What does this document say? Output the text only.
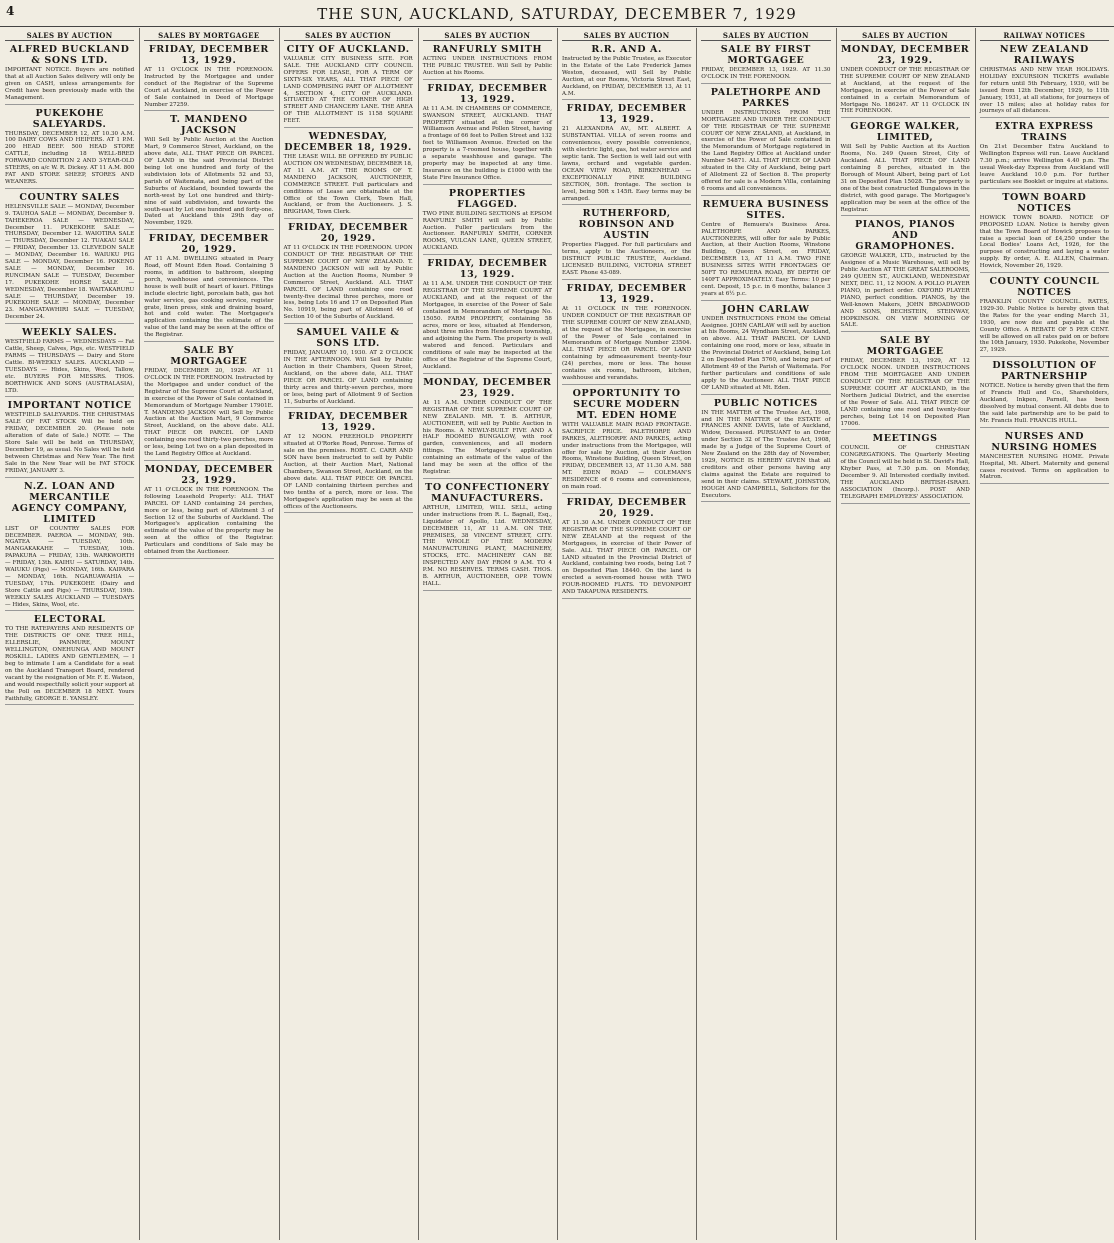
4	THE SUN, AUCKLAND, SATURDAY, DECEMBER 7, 1929
SALES BY AUCTION
ALFRED BUCKLAND & SONS LTD.
IMPORTANT NOTICE. Buyers are notified that at all Auction Sales delivery will only be given on CASH, unless arrangements for Credit have been previously made with the Management.
PUKEKOHE SALEYARDS.
THURSDAY, DECEMBER 12, AT 10.30 A.M. 100 DAIRY COWS AND HEIFERS. AT 1 P.M. 200 HEAD BEEF. 500 HEAD STORE CATTLE, including 18 WELL-BRED FORWARD CONDITION 2 AND 3-YEAR-OLD STEERS, on a/c W. R. Dickey. AT 11 A.M. 800 FAT AND STORE SHEEP, STORES AND WEANERS.
COUNTRY SALES
HELENSVILLE SALE — MONDAY, December 9. TAUHOA SALE — MONDAY, December 9. TAHEKEROA SALE — WEDNESDAY, December 11. PUKEKOHE SALE — THURSDAY, December 12. WAIOTIRA SALE — THURSDAY, December 12. TUAKAU SALE — FRIDAY, December 13. CLEVEDON SALE — MONDAY, December 16. WAIUKU PIG SALE — MONDAY, December 16. POKENO SALE — MONDAY, December 16. RUNCIMAN SALE — TUESDAY, December 17. PUKEKOHE HORSE SALE — WEDNESDAY, December 18. WAITAKARURU SALE — THURSDAY, December 19. PUKEKOHE SALE — MONDAY, December 23. MANGATAWHIRI SALE — TUESDAY, December 24.
WEEKLY SALES.
WESTFIELD FARMS — WEDNESDAYS — Fat Cattle, Sheep, Calves, Pigs, etc. WESTFIELD FARMS — THURSDAYS — Dairy and Store Cattle. BI-WEEKLY SALES. AUCKLAND — TUESDAYS — Hides, Skins, Wool, Tallow, etc. BUYERS FOR MESSRS. THOS. BORTHWICK AND SONS (AUSTRALASIA), LTD.
IMPORTANT NOTICE
WESTFIELD SALEYARDS. THE CHRISTMAS SALE OF FAT STOCK Will be held on FRIDAY, DECEMBER 20. (Please note alteration of date of Sale.) NOTE — The Store Sale will be held on THURSDAY, December 19, as usual. No Sales will be held between Christmas and New Year. The first Sale in the New Year will be FAT STOCK FRIDAY, JANUARY 3.
N.Z. LOAN AND MERCANTILE AGENCY COMPANY, LIMITED
LIST OF COUNTRY SALES FOR DECEMBER. PAEROA — MONDAY, 9th. NGATEA — TUESDAY, 10th. MANGAKAKAHE — TUESDAY, 10th. PAPAKURA — FRIDAY, 13th. WARKWORTH — FRIDAY, 13th. KAIHU — SATURDAY, 14th. WAIUKU (Pigs) — MONDAY, 16th. KAIPARA — MONDAY, 16th. NGARUAWAHIA — TUESDAY, 17th. PUKEKOHE (Dairy and Store Cattle and Pigs) — THURSDAY, 19th. WEEKLY SALES AUCKLAND — TUESDAYS — Hides, Skins, Wool, etc.
ELECTORAL
TO THE RATEPAYERS AND RESIDENTS OF THE DISTRICTS OF ONE TREE HILL, ELLERSLIE, PANMURE, MOUNT WELLINGTON, ONEHUNGA AND MOUNT ROSKILL. LADIES AND GENTLEMEN, — I beg to intimate I am a Candidate for a seat on the Auckland Transport Board, rendered vacant by the resignation of Mr. F. E. Watson, and would respectfully solicit your support at the Poll on DECEMBER 18 NEXT. Yours Faithfully, GEORGE E. YANSLEY.
SALES BY MORTGAGEE
FRIDAY, DECEMBER 13, 1929.
AT 11 O'CLOCK IN THE FORENOON. Instructed by the Mortgagee and under conduct of the Registrar of the Supreme Court at Auckland, in exercise of the Power of Sale contained in Deed of Mortgage Number 27259.
T. MANDENO JACKSON
Will Sell by Public Auction at the Auction Mart, 9 Commerce Street, Auckland, on the above date, ALL THAT PIECE OR PARCEL OF LAND in the said Provincial District being lot one hundred and forty of the subdivision lots of Allotments 52 and 53, parish of Waitemata, and being part of the Suburbs of Auckland, bounded towards the north-west by Lot one hundred and thirty-nine of said subdivision, and towards the south-east by Lot one hundred and forty-one. Dated at Auckland this 29th day of November, 1929.
FRIDAY, DECEMBER 20, 1929.
AT 11 A.M. DWELLING situated in Peary Road, off Mount Eden Road. Containing 5 rooms, in addition to bathroom, sleeping porch, washhouse and conveniences. The house is well built of heart of kauri. Fittings include electric light, porcelain bath, gas hot water service, gas cooking service, register grate, linen press, sink and draining board, hot and cold water. The Mortgagee's application containing the estimate of the value of the land may be seen at the office of the Registrar.
SALE BY MORTGAGEE
FRIDAY, DECEMBER 20, 1929. AT 11 O'CLOCK IN THE FORENOON. Instructed by the Mortgagee and under conduct of the Registrar of the Supreme Court at Auckland, in exercise of the Power of Sale contained in Memorandum of Mortgage Number 17901E. T. MANDENO JACKSON will Sell by Public Auction at the Auction Mart, 9 Commerce Street, Auckland, on the above date. ALL THAT PIECE OR PARCEL OF LAND containing one rood thirty-two perches, more or less, being Lot two on a plan deposited in the Land Registry Office at Auckland.
MONDAY, DECEMBER 23, 1929.
AT 11 O'CLOCK IN THE FORENOON. The following Leasehold Property: ALL THAT PARCEL OF LAND containing 24 perches, more or less, being part of Allotment 3 of Section 12 of the Suburbs of Auckland. The Mortgagee's application containing the estimate of the value of the property may be seen at the office of the Registrar. Particulars and conditions of Sale may be obtained from the Auctioneer.
SALES BY AUCTION
CITY OF AUCKLAND.
VALUABLE CITY BUSINESS SITE. FOR SALE. THE AUCKLAND CITY COUNCIL OFFERS FOR LEASE, FOR A TERM OF SIXTY-SIX YEARS, ALL THAT PIECE OF LAND COMPRISING PART OF ALLOTMENT 4, SECTION 4, CITY OF AUCKLAND. SITUATED AT THE CORNER OF HIGH STREET AND CHANCERY LANE. THE AREA OF THE ALLOTMENT IS 1158 SQUARE FEET.
WEDNESDAY, DECEMBER 18, 1929.
THE LEASE WILL BE OFFERED BY PUBLIC AUCTION ON WEDNESDAY, DECEMBER 18, AT 11 A.M. AT THE ROOMS OF T. MANDENO JACKSON, AUCTIONEER, COMMERCE STREET. Full particulars and conditions of Lease are obtainable at the Office of the Town Clerk, Town Hall, Auckland, or from the Auctioneers. J. S. BRIGHAM, Town Clerk.
FRIDAY, DECEMBER 20, 1929.
AT 11 O'CLOCK IN THE FORENOON. UPON CONDUCT OF THE REGISTRAR OF THE SUPREME COURT OF NEW ZEALAND. T. MANDENO JACKSON will sell by Public Auction at the Auction Rooms, Number 9 Commerce Street, Auckland. ALL THAT PARCEL OF LAND containing one rood twenty-five decimal three perches, more or less, being Lots 16 and 17 on Deposited Plan No. 10919, being part of Allotment 46 of Section 10 of the Suburbs of Auckland.
SAMUEL VAILE & SONS LTD.
FRIDAY, JANUARY 10, 1930. AT 2 O'CLOCK IN THE AFTERNOON. Will Sell by Public Auction in their Chambers, Queen Street, Auckland, on the above date, ALL THAT PIECE OR PARCEL OF LAND containing thirty acres and thirty-seven perches, more or less, being part of Allotment 9 of Section 11, Suburbs of Auckland.
FRIDAY, DECEMBER 13, 1929.
AT 12 NOON. FREEHOLD PROPERTY situated at O'Rorke Road, Penrose. Terms of sale on the premises. ROBT. C. CARR AND SON have been instructed to sell by Public Auction, at their Auction Mart, National Chambers, Swanson Street, Auckland, on the above date. ALL THAT PIECE OR PARCEL OF LAND containing thirteen perches and two tenths of a perch, more or less. The Mortgagee's application may be seen at the offices of the Auctioneers.
SALES BY AUCTION
RANFURLY SMITH
ACTING UNDER INSTRUCTIONS FROM THE PUBLIC TRUSTEE. Will Sell by Public Auction at his Rooms.
FRIDAY, DECEMBER 13, 1929.
At 11 A.M. IN CHAMBERS OF COMMERCE, SWANSON STREET, AUCKLAND. THAT PROPERTY situated at the corner of Williamson Avenue and Pollen Street, having a frontage of 66 feet to Pollen Street and 132 feet to Williamson Avenue. Erected on the property is a 7-roomed house, together with a separate washhouse and garage. The property may be inspected at any time. Insurance on the building is £1000 with the State Fire Insurance Office.
PROPERTIES FLAGGED.
TWO FINE BUILDING SECTIONS at EPSOM RANFURLY SMITH will sell by Public Auction. Fuller particulars from the Auctioneer. RANFURLY SMITH, CORNER ROOMS, VULCAN LANE, QUEEN STREET, AUCKLAND.
FRIDAY, DECEMBER 13, 1929.
At 11 A.M. UNDER THE CONDUCT OF THE REGISTRAR OF THE SUPREME COURT AT AUCKLAND, and at the request of the Mortgagee, in exercise of the Power of Sale contained in Memorandum of Mortgage No. 15050. FARM PROPERTY, containing 58 acres, more or less, situated at Henderson, about three miles from Henderson township, and adjoining the Farm. The property is well watered and fenced. Particulars and conditions of sale may be inspected at the office of the Registrar of the Supreme Court, Auckland.
MONDAY, DECEMBER 23, 1929.
At 11 A.M. UNDER CONDUCT OF THE REGISTRAR OF THE SUPREME COURT OF NEW ZEALAND. MR. T. B. ARTHUR, AUCTIONEER, will sell by Public Auction in his Rooms. A NEWLY-BUILT FIVE AND A HALF ROOMED BUNGALOW, with roof garden, conveniences, and all modern fittings. The Mortgagee's application containing an estimate of the value of the land may be seen at the office of the Registrar.
TO CONFECTIONERY MANUFACTURERS.
ARTHUR, LIMITED, WILL SELL, acting under instructions from R. L. Bagnall, Esq., Liquidator of Apollo, Ltd. WEDNESDAY, DECEMBER 11, AT 11 A.M. ON THE PREMISES, 38 VINCENT STREET, CITY. THE WHOLE OF THE MODERN MANUFACTURING PLANT, MACHINERY, STOCKS, ETC. MACHINERY CAN BE INSPECTED ANY DAY FROM 9 A.M. TO 4 P.M. NO RESERVES. TERMS CASH. THOS. B. ARTHUR, AUCTIONEER, OPP. TOWN HALL.
SALES BY AUCTION
R.R. AND A.
Instructed by the Public Trustee, as Executor in the Estate of the Late Frederick James Weston, deceased, will Sell by Public Auction, at our Rooms, Victoria Street East, Auckland, on FRIDAY, DECEMBER 13, At 11 A.M.
FRIDAY, DECEMBER 13, 1929.
21 ALEXANDRA AV., MT. ALBERT. A SUBSTANTIAL VILLA of seven rooms and conveniences, every possible convenience, with electric light, gas, hot water service and septic tank. The Section is well laid out with lawns, orchard and vegetable garden. OCEAN VIEW ROAD, BIRKENHEAD — EXCEPTIONALLY FINE BUILDING SECTION, 50ft. frontage. The section is level, being 50ft x 145ft. Easy terms may be arranged.
RUTHERFORD, ROBINSON AND AUSTIN
Properties Flagged. For full particulars and terms, apply to the Auctioneers, or the DISTRICT PUBLIC TRUSTEE, Auckland. LICENSED BUILDING, VICTORIA STREET EAST. Phone 43-089.
FRIDAY, DECEMBER 13, 1929.
At 11 O'CLOCK IN THE FORENOON. UNDER CONDUCT OF THE REGISTRAR OF THE SUPREME COURT OF NEW ZEALAND, at the request of the Mortgagee, in exercise of the Power of Sale contained in Memorandum of Mortgage Number 23504. ALL THAT PIECE OR PARCEL OF LAND containing by admeasurement twenty-four (24) perches, more or less. The house contains six rooms, bathroom, kitchen, washhouse and verandahs.
OPPORTUNITY TO SECURE MODERN MT. EDEN HOME
WITH VALUABLE MAIN ROAD FRONTAGE. SACRIFICE PRICE. PALETHORPE AND PARKES, ALETHORPE AND PARKES, acting under instructions from the Mortgagee, will offer for sale by Auction, at their Auction Rooms, Winstone Building, Queen Street, on FRIDAY, DECEMBER 13, AT 11.30 A.M. 588 MT. EDEN ROAD — COLEMAN'S RESIDENCE of 6 rooms and conveniences, on main road.
FRIDAY, DECEMBER 20, 1929.
AT 11.30 A.M. UNDER CONDUCT OF THE REGISTRAR OF THE SUPREME COURT OF NEW ZEALAND at the request of the Mortgagees, in exercise of their Power of Sale. ALL THAT PIECE OR PARCEL OF LAND situated in the Provincial District of Auckland, containing two roods, being Lot 7 on Deposited Plan 18440. On the land is erected a seven-roomed house with TWO FOUR-ROOMED FLATS. TO DEVONPORT AND TAKAPUNA RESIDENTS.
SALES BY AUCTION
SALE BY FIRST MORTGAGEE
FRIDAY, DECEMBER 13, 1929. AT 11.30 O'CLOCK IN THE FORENOON.
PALETHORPE AND PARKES
UNDER INSTRUCTIONS FROM THE MORTGAGEE AND UNDER THE CONDUCT OF THE REGISTRAR OF THE SUPREME COURT OF NEW ZEALAND, at Auckland, in exercise of the Power of Sale contained in the Memorandum of Mortgage registered in the Land Registry Office at Auckland under Number 54871. ALL THAT PIECE OF LAND situated in the City of Auckland, being part of Allotment 22 of Section 8. The property offered for sale is a Modern Villa, containing 6 rooms and all conveniences.
REMUERA BUSINESS SITES.
Centre of Remuera's Business Area. PALETHORPE AND PARKES, AUCTIONEERS, will offer for sale by Public Auction, at their Auction Rooms, Winstone Building, Queen Street, on FRIDAY, DECEMBER 13, AT 11 A.M. TWO FINE BUSINESS SITES WITH FRONTAGES OF 50FT TO REMUERA ROAD, BY DEPTH OF 140FT APPROXIMATELY. Easy Terms: 10 per cent. Deposit, 15 p.c. in 6 months, balance 3 years at 6½ p.c.
JOHN CARLAW
UNDER INSTRUCTIONS FROM the Official Assignee. JOHN CARLAW will sell by auction at his Rooms, 24 Wyndham Street, Auckland, on above. ALL THAT PARCEL OF LAND containing one rood, more or less, situate in the Provincial District of Auckland, being Lot 2 on Deposited Plan 5760, and being part of Allotment 49 of the Parish of Waitemata. For further particulars and conditions of sale apply to the Auctioneer. ALL THAT PIECE OF LAND situated at Mt. Eden.
PUBLIC NOTICES
IN THE MATTER of The Trustee Act, 1908, and IN THE MATTER of the ESTATE of FRANCES ANNE DAVIS, late of Auckland, Widow, Deceased. PURSUANT to an Order under Section 32 of The Trustee Act, 1908, made by a Judge of the Supreme Court of New Zealand on the 28th day of November, 1929, NOTICE IS HEREBY GIVEN that all creditors and other persons having any claims against the Estate are required to send in their claims. STEWART, JOHNSTON, HOUGH AND CAMPBELL, Solicitors for the Executors.
SALES BY AUCTION
MONDAY, DECEMBER 23, 1929.
UNDER CONDUCT OF THE REGISTRAR OF THE SUPREME COURT OF NEW ZEALAND at Auckland, at the request of the Mortgagee, in exercise of the Power of Sale contained in a certain Memorandum of Mortgage No. 186247. AT 11 O'CLOCK IN THE FORENOON.
GEORGE WALKER, LIMITED,
Will Sell by Public Auction at its Auction Rooms, No. 249 Queen Street, City of Auckland. ALL THAT PIECE OF LAND containing 8 perches, situated in the Borough of Mount Albert, being part of Lot 31 on Deposited Plan 15028. The property is one of the best constructed Bungalows in the district, with good garage. The Mortgagee's application may be seen at the office of the Registrar.
PIANOS, PIANOS AND GRAMOPHONES.
GEORGE WALKER, LTD., instructed by the Assignee of a Music Warehouse, will sell by Public Auction AT THE GREAT SALEROOMS, 249 QUEEN ST., AUCKLAND, WEDNESDAY NEXT, DEC. 11, 12 NOON. A POLLO PLAYER PIANO, in perfect order. OXFORD PLAYER PIANO, perfect condition. PIANOS, by the Well-known Makers, JOHN BROADWOOD AND SONS, BECHSTEIN, STEINWAY, HOPKINSON. ON VIEW MORNING OF SALE.
SALE BY MORTGAGEE
FRIDAY, DECEMBER 13, 1929, AT 12 O'CLOCK NOON. UNDER INSTRUCTIONS FROM THE MORTGAGEE AND UNDER CONDUCT OF THE REGISTRAR OF THE SUPREME COURT AT AUCKLAND, in the Northern Judicial District, and the exercise of the Power of Sale. ALL THAT PIECE OF LAND containing one rood and twenty-four perches, being Lot 14 on Deposited Plan 17006.
MEETINGS
COUNCIL OF CHRISTIAN CONGREGATIONS. The Quarterly Meeting of the Council will be held in St. David's Hall, Khyber Pass, at 7.30 p.m. on Monday, December 9. All Interested cordially invited. THE AUCKLAND BRITISH-ISRAEL ASSOCIATION (Incorp.). POST AND TELEGRAPH EMPLOYEES' ASSOCIATION.
RAILWAY NOTICES
NEW ZEALAND RAILWAYS
CHRISTMAS AND NEW YEAR HOLIDAYS. HOLIDAY EXCURSION TICKETS available for return until 5th February, 1930, will be issued from 12th December, 1929, to 11th January, 1931, at all stations, for journeys of over 15 miles; also at holiday rates for journeys of all distances.
EXTRA EXPRESS TRAINS
On 21st December Extra Auckland to Wellington Express will run. Leave Auckland 7.30 p.m.; arrive Wellington 4.40 p.m. The usual Week-day Express from Auckland will leave Auckland 10.0 p.m. For further particulars see Booklet or inquire at stations.
TOWN BOARD NOTICES
HOWICK TOWN BOARD. NOTICE OF PROPOSED LOAN. Notice is hereby given that the Town Board of Howick proposes to raise a special loan of £4,250 under the Local Bodies' Loans Act, 1926, for the purpose of constructing and laying a water supply. By order, A. E. ALLEN, Chairman. Howick, November 26, 1929.
COUNTY COUNCIL NOTICES
FRANKLIN COUNTY COUNCIL. RATES, 1929-30. Public Notice is hereby given that the Rates for the year ending March 31, 1930, are now due and payable at the County Office. A REBATE OF 5 PER CENT. will be allowed on all rates paid on or before the 10th January, 1930. Pukekohe, November 27, 1929.
DISSOLUTION OF PARTNERSHIP
NOTICE. Notice is hereby given that the firm of Francis Hull and Co., Shareholders, Auckland, Inkpen, Parnell, has been dissolved by mutual consent. All debts due to the said late partnership are to be paid to Mr. Francis Hull. FRANCIS HULL.
NURSES AND NURSING HOMES
MANCHESTER NURSING HOME. Private Hospital, Mt. Albert. Maternity and general cases received. Terms on application to Matron.
